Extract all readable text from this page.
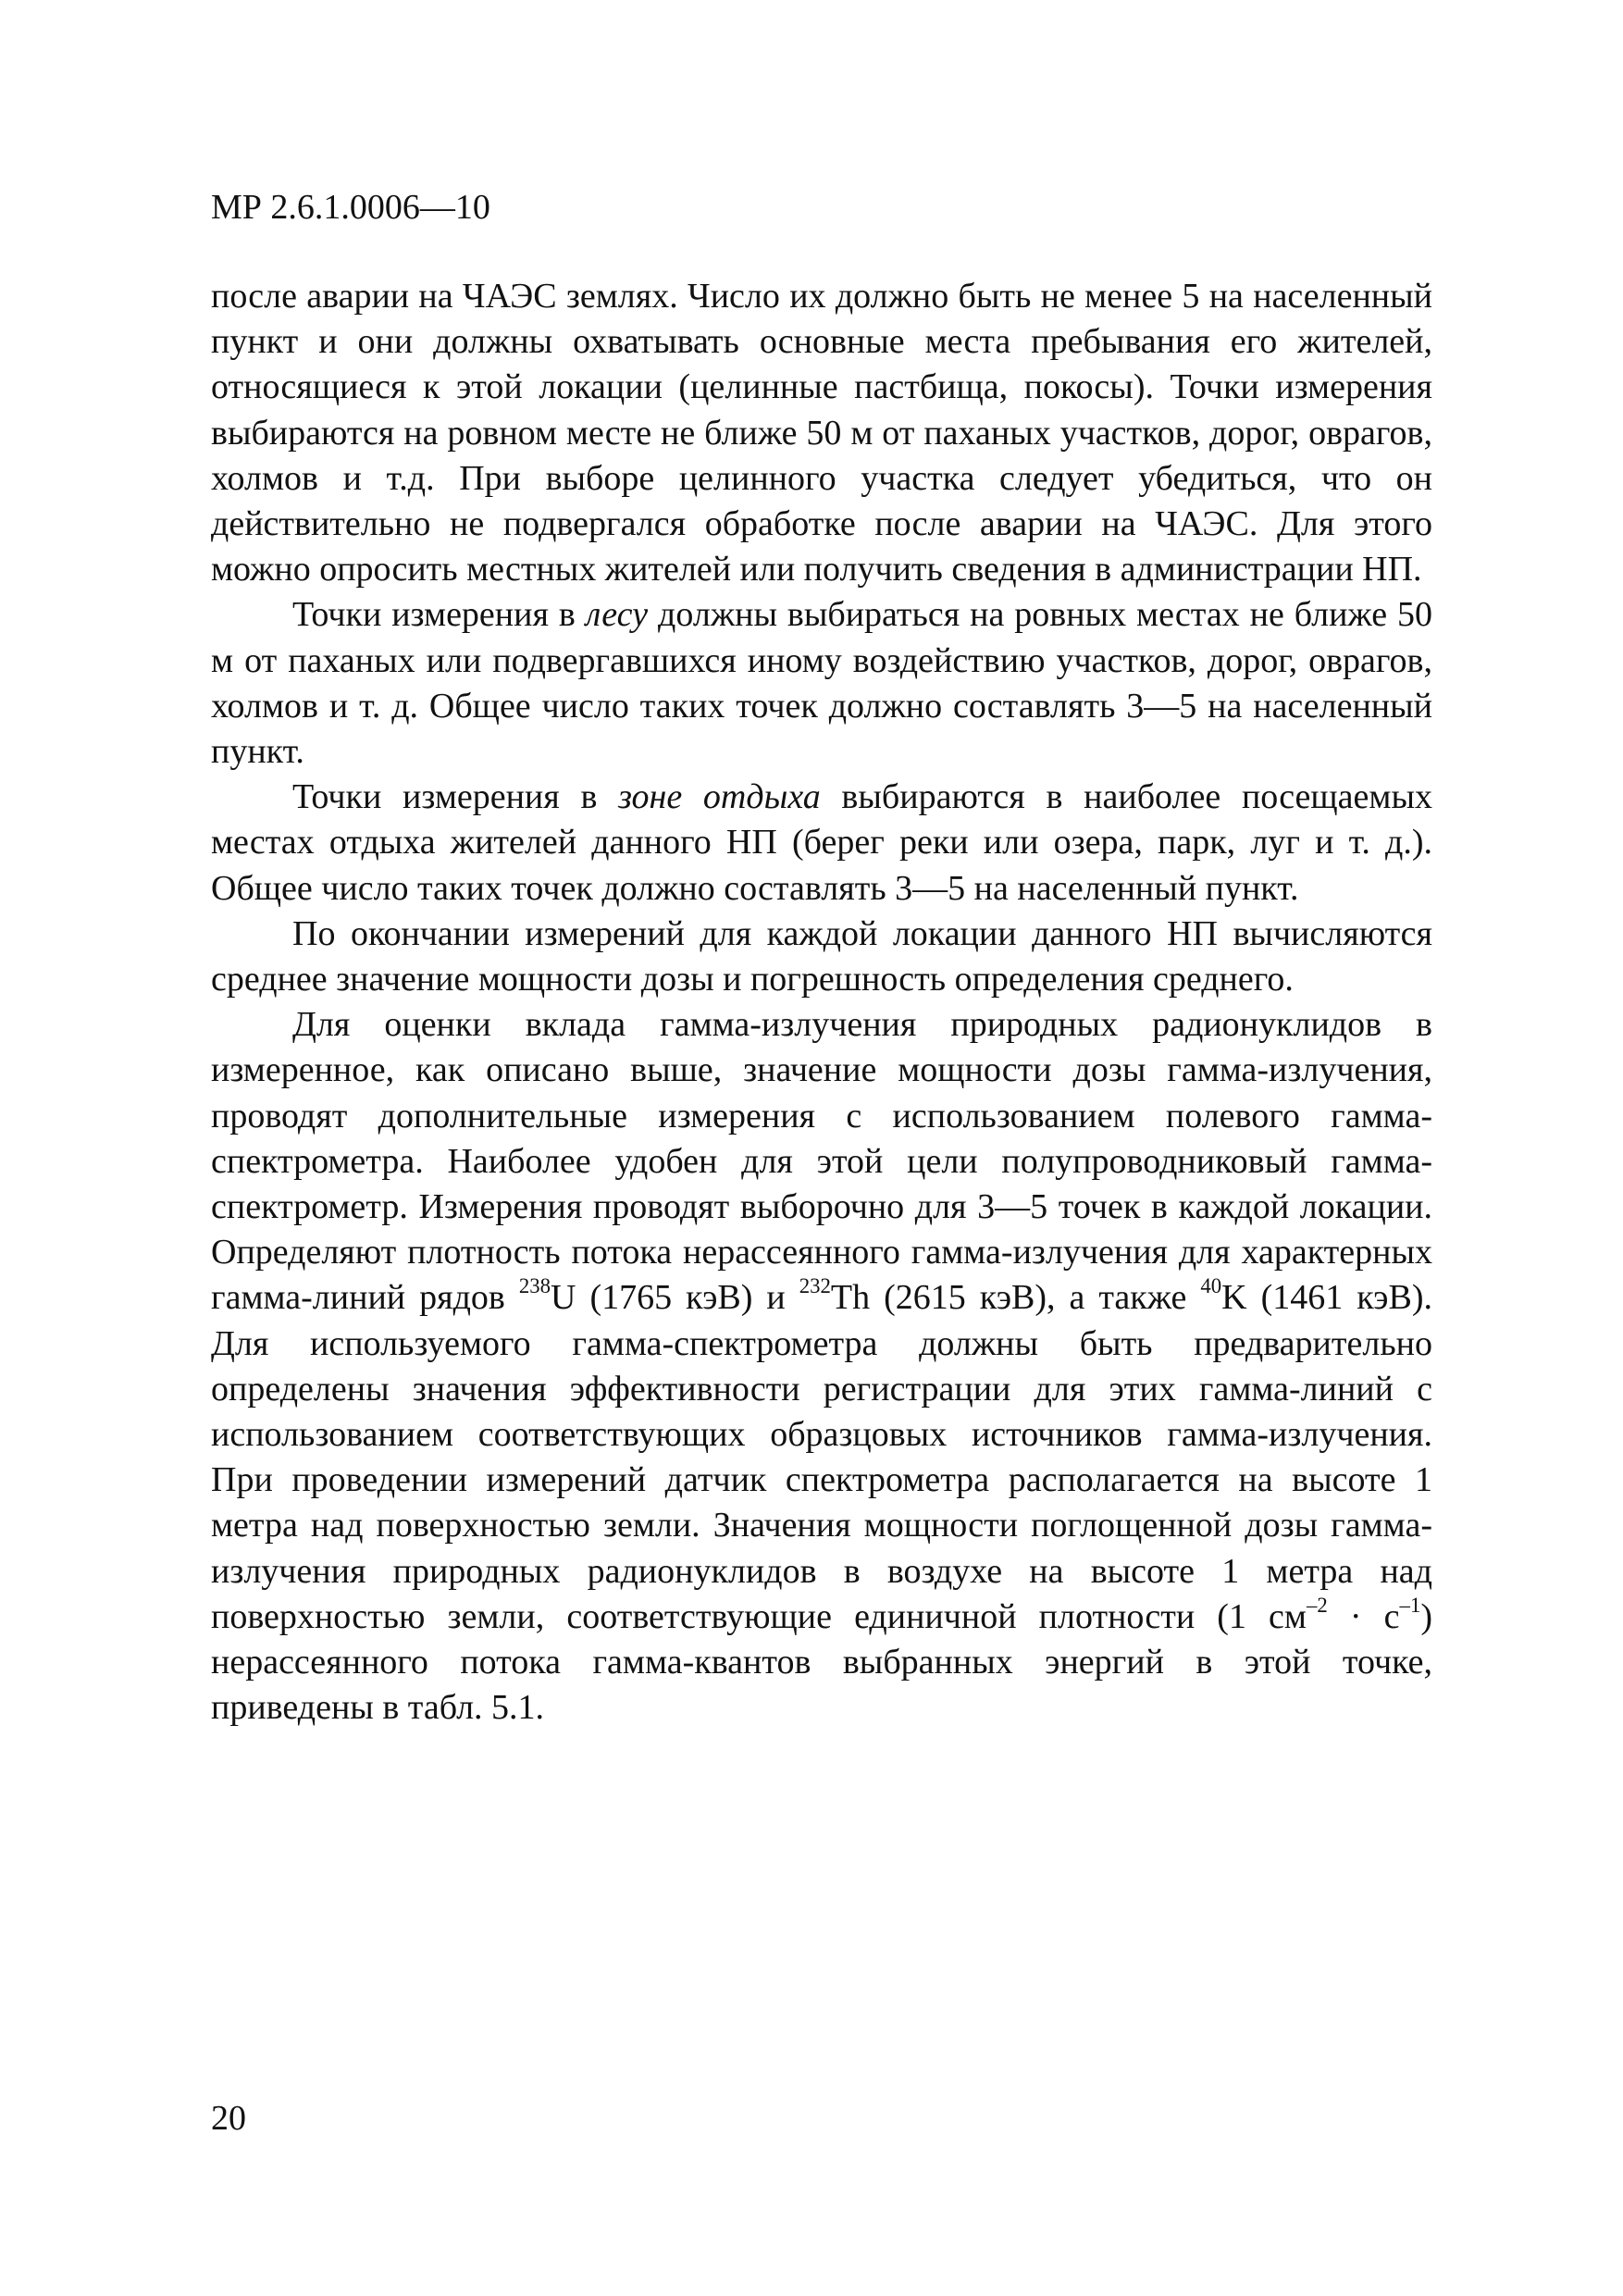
МР 2.6.1.0006—10

после аварии на ЧАЭС землях. Число их должно быть не менее 5 на населенный пункт и они должны охватывать основные места пребывания его жителей, относящиеся к этой локации (целинные пастбища, покосы). Точки измерения выбираются на ровном месте не ближе 50 м от паханых участков, дорог, оврагов, холмов и т.д. При выборе целинного участка следует убедиться, что он действительно не подвергался обработке после аварии на ЧАЭС. Для этого можно опросить местных жителей или получить сведения в администрации НП.

Точки измерения в лесу должны выбираться на ровных местах не ближе 50 м от паханых или подвергавшихся иному воздействию участков, дорог, оврагов, холмов и т. д. Общее число таких точек должно составлять 3—5 на населенный пункт.

Точки измерения в зоне отдыха выбираются в наиболее посещаемых местах отдыха жителей данного НП (берег реки или озера, парк, луг и т. д.). Общее число таких точек должно составлять 3—5 на населенный пункт.

По окончании измерений для каждой локации данного НП вычисляются среднее значение мощности дозы и погрешность определения среднего.

Для оценки вклада гамма-излучения природных радионуклидов в измеренное, как описано выше, значение мощности дозы гамма-излучения, проводят дополнительные измерения с использованием полевого гамма-спектрометра. Наиболее удобен для этой цели полупроводниковый гамма-спектрометр. Измерения проводят выборочно для 3—5 точек в каждой локации. Определяют плотность потока нерассеянного гамма-излучения для характерных гамма-линий рядов $^{238}$U (1765 кэВ) и $^{232}$Th (2615 кэВ), а также $^{40}$K (1461 кэВ). Для используемого гамма-спектрометра должны быть предварительно определены значения эффективности регистрации для этих гамма-линий с использованием соответствующих образцовых источников гамма-излучения. При проведении измерений датчик спектрометра располагается на высоте 1 метра над поверхностью земли. Значения мощности поглощенной дозы гамма-излучения природных радионуклидов в воздухе на высоте 1 метра над поверхностью земли, соответствующие единичной плотности (1 $см^{-2} \cdot с^{-1}$) нерассеянного потока гамма-квантов выбранных энергий в этой точке, приведены в табл. 5.1.

20
